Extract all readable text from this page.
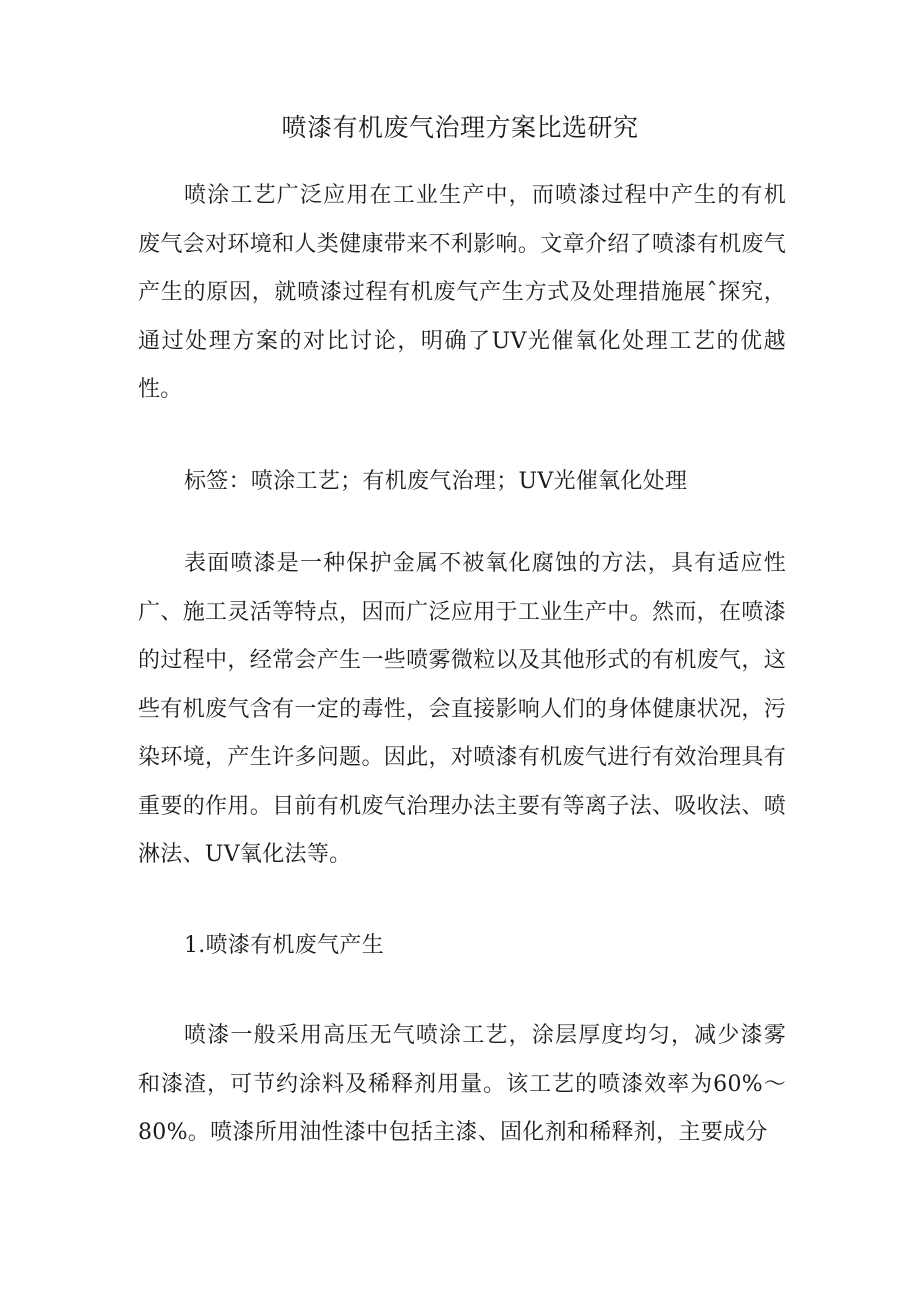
喷漆有机废气治理方案比选研究

喷涂工艺广泛应用在工业生产中，而喷漆过程中产生的有机废气会对环境和人类健康带来不利影响。文章介绍了喷漆有机废气产生的原因，就喷漆过程有机废气产生方式及处理措施展ˆ探究，通过处理方案的对比讨论，明确了UV光催氧化处理工艺的优越性。

标签：喷涂工艺；有机废气治理；UV光催氧化处理

表面喷漆是一种保护金属不被氧化腐蚀的方法，具有适应性广、施工灵活等特点，因而广泛应用于工业生产中。然而，在喷漆的过程中，经常会产生一些喷雾微粒以及其他形式的有机废气，这些有机废气含有一定的毒性，会直接影响人们的身体健康状况，污染环境，产生许多问题。因此，对喷漆有机废气进行有效治理具有重要的作用。目前有机废气治理办法主要有等离子法、吸收法、喷淋法、UV氧化法等。

1.喷漆有机废气产生

喷漆一般采用高压无气喷涂工艺，涂层厚度均匀，减少漆雾和漆渣，可节约涂料及稀释剂用量。该工艺的喷漆效率为60%～80%。喷漆所用油性漆中包括主漆、固化剂和稀释剂，主要成分
